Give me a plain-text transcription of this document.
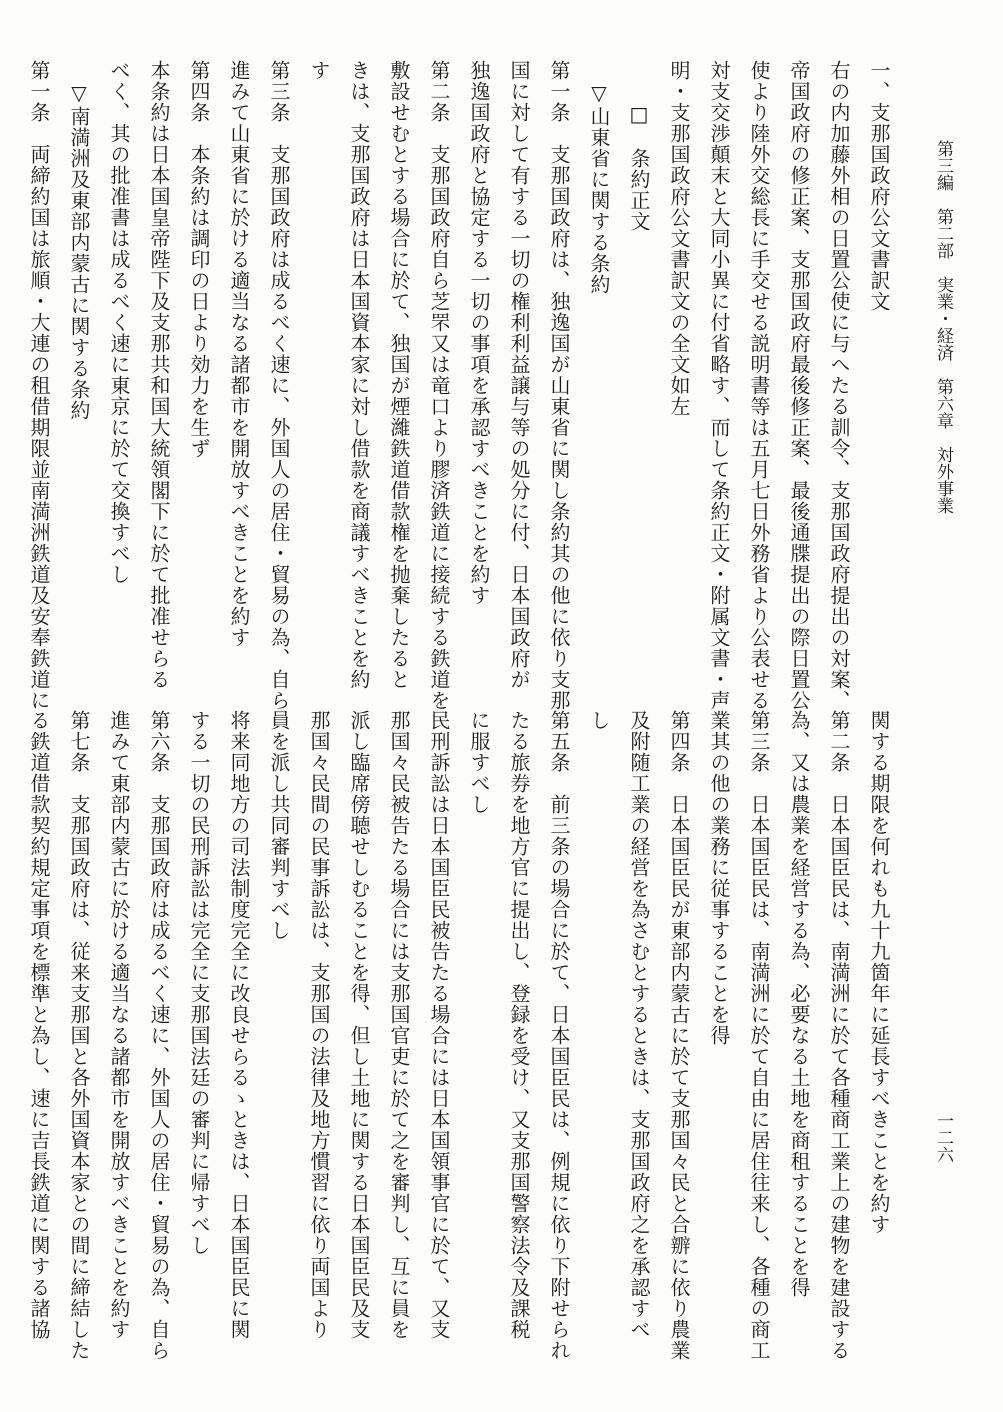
第三編　第二部　実業・経済　第六章　対外事業
一二六
一、支那国政府公文書訳文
右の内加藤外相の日置公使に与へたる訓令、支那国政府提出の対案、
帝国政府の修正案、支那国政府最後修正案、最後通牒提出の際日置公
使より陸外交総長に手交せる説明書等は五月七日外務省より公表せる
対支交渉顛末と大同小異に付省略す、而して条約正文・附属文書・声
明・支那国政府公文書訳文の全文如左
　　□　条約正文
　▽山東省に関する条約
第一条　支那国政府は、独逸国が山東省に関し条約其の他に依り支那
国に対して有する一切の権利利益譲与等の処分に付、日本国政府が
独逸国政府と協定する一切の事項を承認すべきことを約す
第二条　支那国政府自ら芝罘又は竜口より膠済鉄道に接続する鉄道を
敷設せむとする場合に於て、独国が煙濰鉄道借款権を抛棄したると
きは、支那国政府は日本国資本家に対し借款を商議すべきことを約
す
第三条　支那国政府は成るべく速に、外国人の居住・貿易の為、自ら
進みて山東省に於ける適当なる諸都市を開放すべきことを約す
第四条　本条約は調印の日より効力を生ず
本条約は日本国皇帝陛下及支那共和国大統領閣下に於て批准せらる
べく、其の批准書は成るべく速に東京に於て交換すべし
　▽南満洲及東部内蒙古に関する条約
第一条　両締約国は旅順・大連の租借期限並南満洲鉄道及安奉鉄道に
関する期限を何れも九十九箇年に延長すべきことを約す
第二条　日本国臣民は、南満洲に於て各種商工業上の建物を建設する
為、又は農業を経営する為、必要なる土地を商租することを得
第三条　日本国臣民は、南満洲に於て自由に居住往来し、各種の商工
業其の他の業務に従事することを得
第四条　日本国臣民が東部内蒙古に於て支那国々民と合辧に依り農業
及附随工業の経営を為さむとするときは、支那国政府之を承認すべ
し
第五条　前三条の場合に於て、日本国臣民は、例規に依り下附せられ
たる旅券を地方官に提出し、登録を受け、又支那国警察法令及課税
に服すべし
民刑訴訟は日本国臣民被告たる場合には日本国領事官に於て、又支
那国々民被告たる場合には支那国官吏に於て之を審判し、互に員を
派し臨席傍聴せしむることを得、但し土地に関する日本国臣民及支
那国々民間の民事訴訟は、支那国の法律及地方慣習に依り両国より
員を派し共同審判すべし
将来同地方の司法制度完全に改良せらるゝときは、日本国臣民に関
する一切の民刑訴訟は完全に支那国法廷の審判に帰すべし
第六条　支那国政府は成るべく速に、外国人の居住・貿易の為、自ら
進みて東部内蒙古に於ける適当なる諸都市を開放すべきことを約す
第七条　支那国政府は、従来支那国と各外国資本家との間に締結した
る鉄道借款契約規定事項を標準と為し、速に吉長鉄道に関する諸協
